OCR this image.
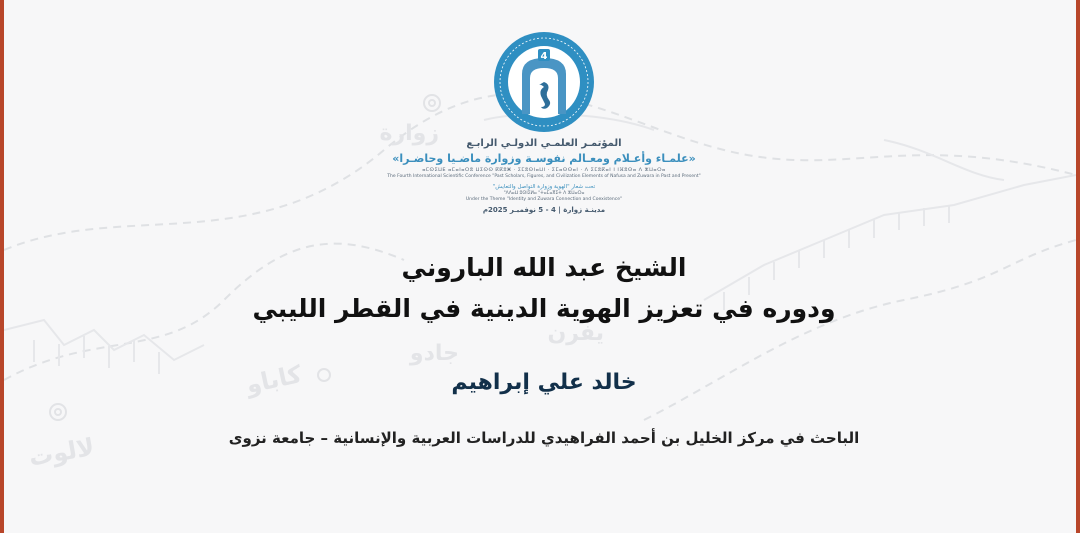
زوارة
جادو
كاباو
يفرن
لالوت
4
المؤتمـر العلمـي الدولـي الرابـع
«علمـاء وأعـلام ومعـالم نفوسـة وزوارة ماضـيا وحاضـرا»
ⴰⵎⵙⵉⵡⴹ ⴰⵎⴰⵏⴰⵔⵓ ⵡⵉⵙⵙ ⴽⴽⵓⵥ · ⵉⵎⵓⵙⵏⴰⵡⵏ · ⵉⵎⴰⵙⵙⴰⵏ · ⴷ ⵉⵎⵓⴽⴰⵏ ⵏ ⵏⴼⵓⵙⴰ ⴷ ⵣⵡⴰⵔⴰ
The Fourth International Scientific Conference "Past Scholars, Figures, and Civilization Elements of Nafusa and Zuwara in Past and Present"
تحت شعار "الهوية وزوارة التواصل والتعايش"
ⴷⴷⴰⵡ ⵓⵙⵏⵉⵍⴰ "ⵜⴰⵎⴰⴳⵉⵜ ⴷ ⵣⵡⴰⵔⴰ"
Under the Theme "Identity and Zuwara Connection and Coexistence"
مدينـة زوارة | 4 - 5 نوفمبـر 2025م
الشيخ عبد الله الباروني
ودوره في تعزيز الهوية الدينية في القطر الليبي
خالد علي إبراهيم
الباحث في مركز الخليل بن أحمد الفراهيدي للدراسات العربية والإنسانية – جامعة نزوى
